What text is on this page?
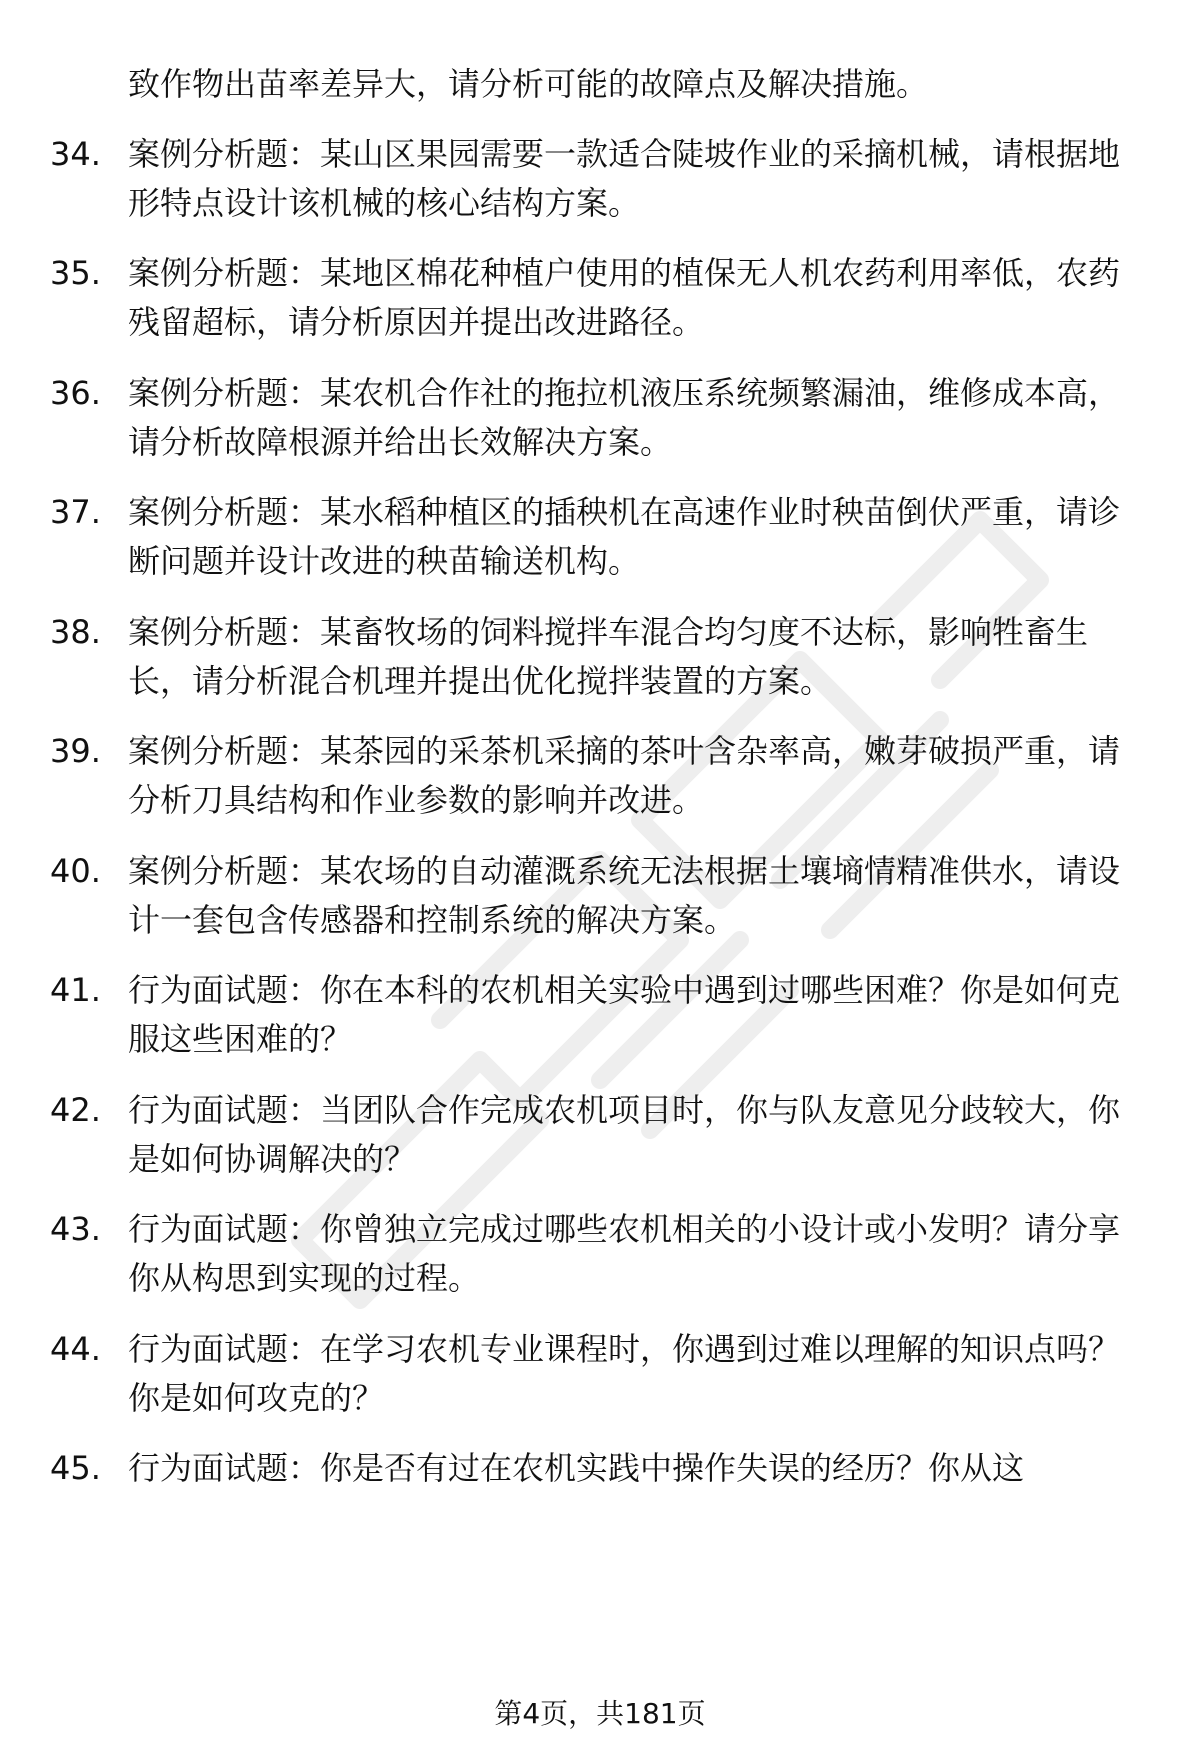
致作物出苗率差异大，请分析可能的故障点及解决措施。

34. 案例分析题：某山区果园需要一款适合陡坡作业的采摘机械，请根据地形特点设计该机械的核心结构方案。
35. 案例分析题：某地区棉花种植户使用的植保无人机农药利用率低，农药残留超标，请分析原因并提出改进路径。
36. 案例分析题：某农机合作社的拖拉机液压系统频繁漏油，维修成本高，请分析故障根源并给出长效解决方案。
37. 案例分析题：某水稻种植区的插秧机在高速作业时秧苗倒伏严重，请诊断问题并设计改进的秧苗输送机构。
38. 案例分析题：某畜牧场的饲料搅拌车混合均匀度不达标，影响牲畜生长，请分析混合机理并提出优化搅拌装置的方案。
39. 案例分析题：某茶园的采茶机采摘的茶叶含杂率高，嫩芽破损严重，请分析刀具结构和作业参数的影响并改进。
40. 案例分析题：某农场的自动灌溉系统无法根据土壤墒情精准供水，请设计一套包含传感器和控制系统的解决方案。
41. 行为面试题：你在本科的农机相关实验中遇到过哪些困难？你是如何克服这些困难的？
42. 行为面试题：当团队合作完成农机项目时，你与队友意见分歧较大，你是如何协调解决的？
43. 行为面试题：你曾独立完成过哪些农机相关的小设计或小发明？请分享你从构思到实现的过程。
44. 行为面试题：在学习农机专业课程时，你遇到过难以理解的知识点吗？你是如何攻克的？
45. 行为面试题：你是否有过在农机实践中操作失误的经历？你从这
第4页，共181页
